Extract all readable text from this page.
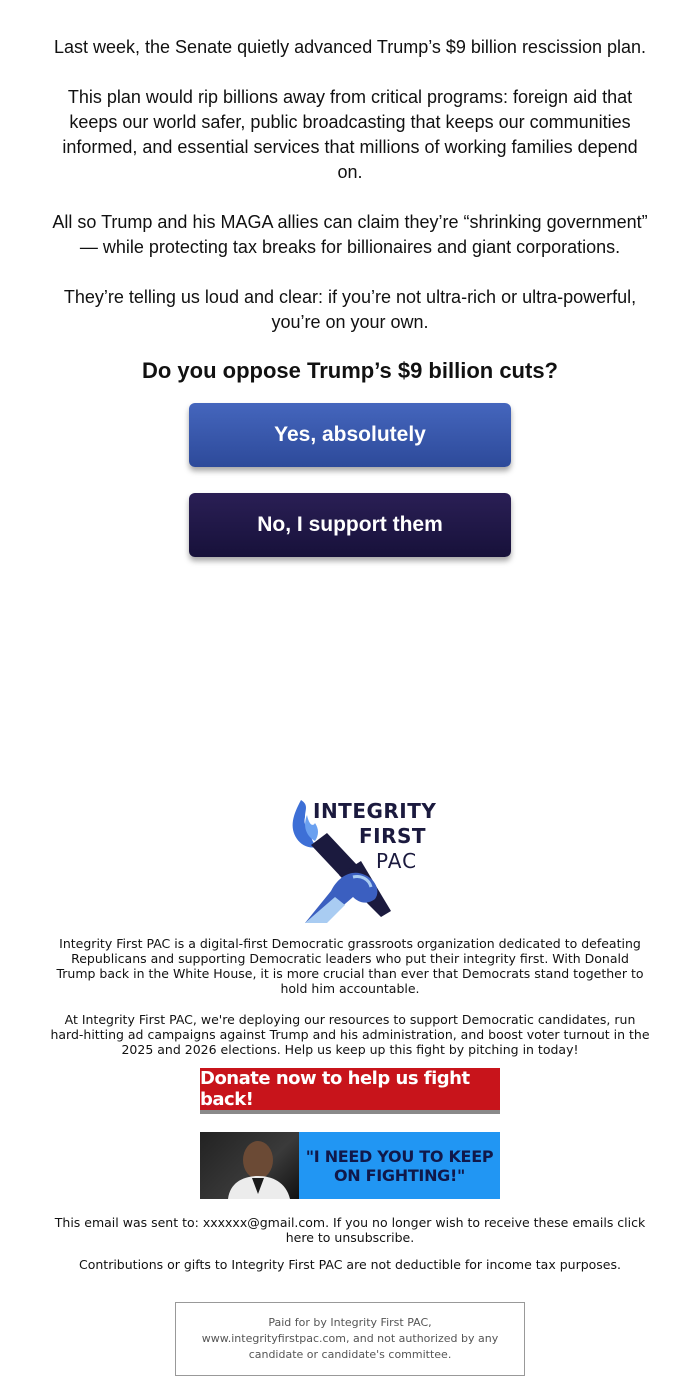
Last week, the Senate quietly advanced Trump’s $9 billion rescission plan.

This plan would rip billions away from critical programs: foreign aid that keeps our world safer, public broadcasting that keeps our communities informed, and essential services that millions of working families depend on.

All so Trump and his MAGA allies can claim they’re “shrinking government” — while protecting tax breaks for billionaires and giant corporations.

They’re telling us loud and clear: if you’re not ultra-rich or ultra-powerful, you’re on your own.

Do you oppose Trump’s $9 billion cuts?
Yes, absolutely
No, I support them
INTEGRITY
FIRST
PAC

Integrity First PAC is a digital-first Democratic grassroots organization dedicated to defeating Republicans and supporting Democratic leaders who put their integrity first. With Donald Trump back in the White House, it is more crucial than ever that Democrats stand together to hold him accountable.

At Integrity First PAC, we're deploying our resources to support Democratic candidates, run hard-hitting ad campaigns against Trump and his administration, and boost voter turnout in the 2025 and 2026 elections. Help us keep up this fight by pitching in today!

Donate now to help us fight back!
"I NEED YOU TO KEEP ON FIGHTING!"

This email was sent to: xxxxxx@gmail.com. If you no longer wish to receive these emails click here to unsubscribe.

Contributions or gifts to Integrity First PAC are not deductible for income tax purposes.

Paid for by Integrity First PAC, www.integrityfirstpac.com, and not authorized by any candidate or candidate's committee.
